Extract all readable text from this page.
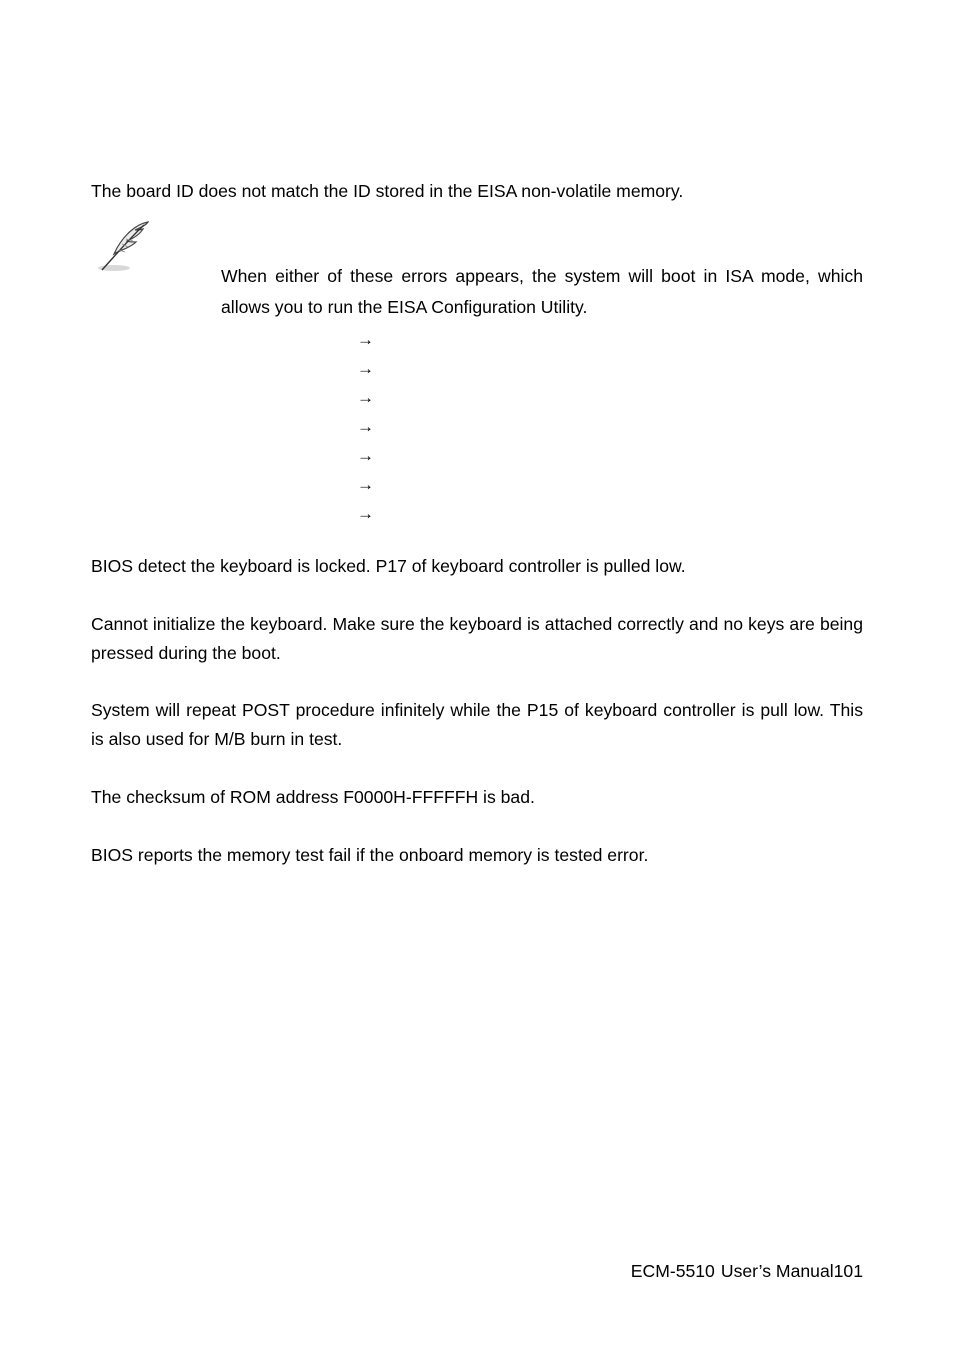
The board ID does not match the ID stored in the EISA non-volatile memory.

When either of these errors appears, the system will boot in ISA mode, which allows you to run the EISA Configuration Utility.

→
→
→
→
→
→
→

BIOS detect the keyboard is locked. P17 of keyboard controller is pulled low.

Cannot initialize the keyboard. Make sure the keyboard is attached correctly and no keys are being pressed during the boot.

System will repeat POST procedure infinitely while the P15 of keyboard controller is pull low. This is also used for M/B burn in test.

The checksum of ROM address F0000H-FFFFFH is bad.

BIOS reports the memory test fail if the onboard memory is tested error.

ECM-5510 User’s Manual101
